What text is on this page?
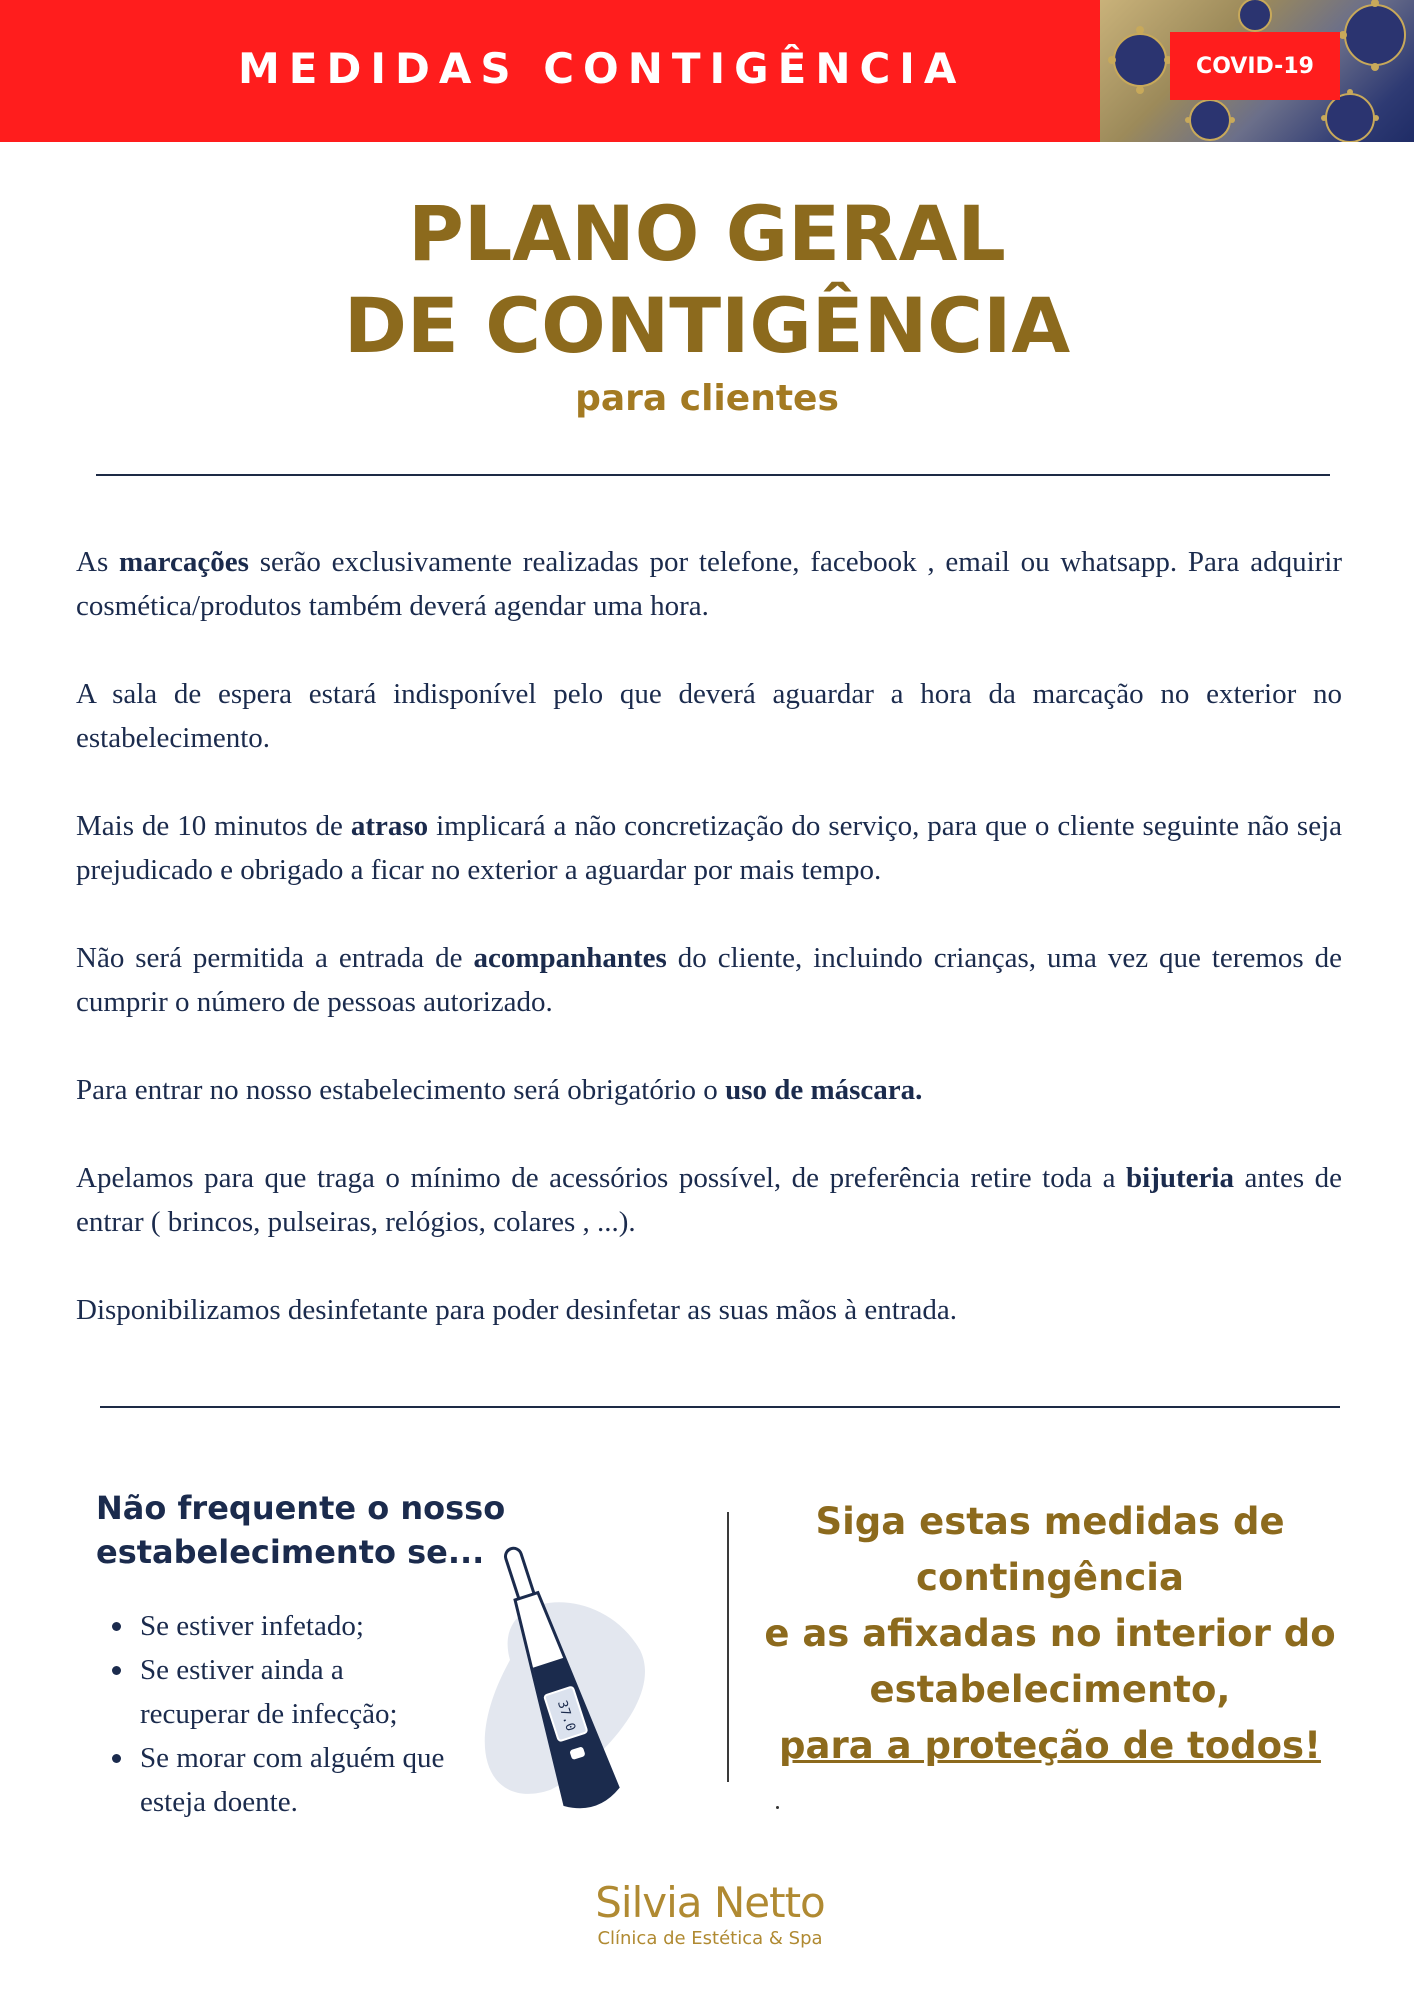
MEDIDAS CONTIGÊNCIA	COVID-19
PLANO GERAL
DE CONTIGÊNCIA
para clientes

As marcações serão exclusivamente realizadas por telefone, facebook , email ou whatsapp. Para adquirir cosmética/produtos também deverá agendar uma hora.

A sala de espera estará indisponível pelo que deverá aguardar a hora da marcação no exterior no estabelecimento.

Mais de 10 minutos de atraso implicará a não concretização do serviço, para que o cliente seguinte não seja prejudicado e obrigado a ficar no exterior a aguardar por mais tempo.

Não será permitida a entrada de acompanhantes do cliente, incluindo crianças, uma vez que teremos de cumprir o número de pessoas autorizado.

Para entrar no nosso estabelecimento será obrigatório o uso de máscara.

Apelamos para que traga o mínimo de acessórios possível, de preferência retire toda a bijuteria antes de entrar ( brincos, pulseiras, relógios, colares , ...).

Disponibilizamos desinfetante para poder desinfetar as suas mãos à entrada.

Não frequente o nosso estabelecimento se...
Se estiver infetado;
Se estiver ainda a recuperar de infecção;
Se morar com alguém que esteja doente.
37.0
Siga estas medidas de
contingência
e as afixadas no interior do
estabelecimento,
para a proteção de todos!
Silvia Netto
Clínica de Estética & Spa
